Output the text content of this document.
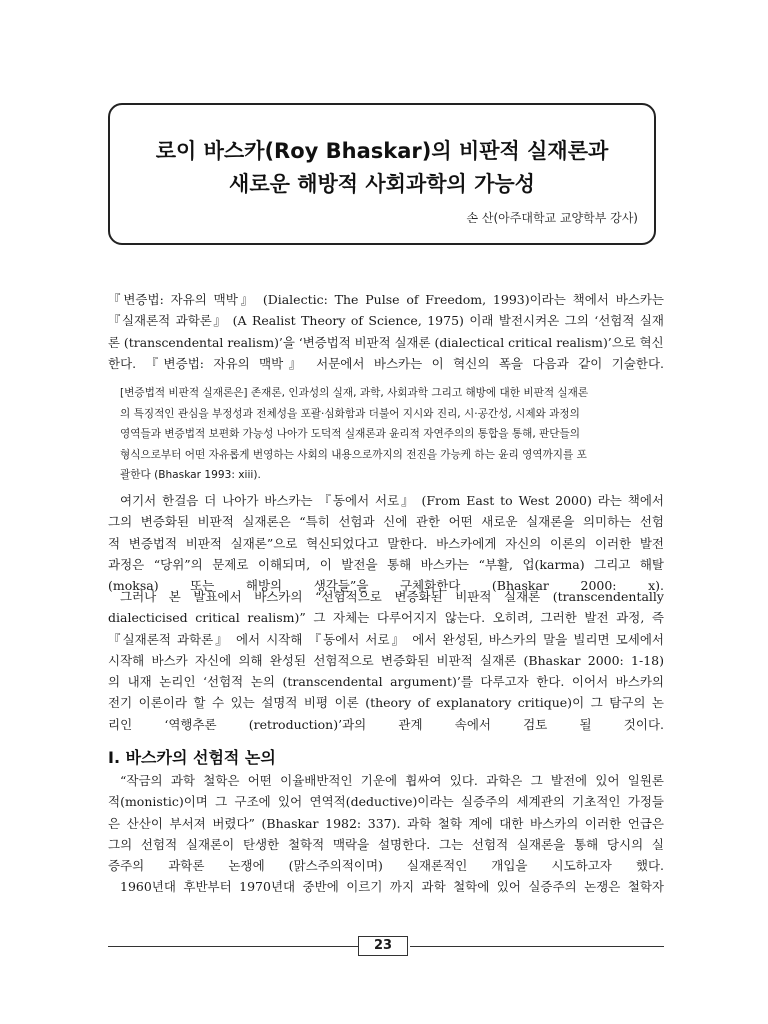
로이 바스카(Roy Bhaskar)의 비판적 실재론과
새로운 해방적 사회과학의 가능성
손 산(아주대학교 교양학부 강사)
『변증법: 자유의 맥박』 (Dialectic: The Pulse of Freedom, 1993)이라는 책에서 바스카는
『실재론적 과학론』 (A Realist Theory of Science, 1975) 이래 발전시켜온 그의 ‘선험적 실재
론 (transcendental realism)’을 ‘변증법적 비판적 실재론 (dialectical critical realism)’으로 혁신
한다. 『변증법: 자유의 맥박』 서문에서 바스카는 이 혁신의 폭을 다음과 같이 기술한다.
[변증법적 비판적 실재론은] 존재론, 인과성의 실재, 과학, 사회과학 그리고 해방에 대한 비판적 실재론
의 특징적인 관심을 부정성과 전체성을 포괄·심화함과 더불어 지시와 진리, 시·공간성, 시제와 과정의
영역들과 변증법적 보편화 가능성 나아가 도덕적 실재론과 윤리적 자연주의의 통합을 통해, 판단들의
형식으로부터 어떤 자유롭게 번영하는 사회의 내용으로까지의 전진을 가능케 하는 윤리 영역까지를 포
괄한다 (Bhaskar 1993: xiii).
여기서 한걸음 더 나아가 바스카는 『동에서 서로』 (From East to West 2000) 라는 책에서
그의 변증화된 비판적 실재론은 “특히 선험과 신에 관한 어떤 새로운 실재론을 의미하는 선험
적 변증법적 비판적 실재론”으로 혁신되었다고 말한다. 바스카에게 자신의 이론의 이러한 발전
과정은 “당위”의 문제로 이해되며, 이 발전을 통해 바스카는 “부활, 업(karma) 그리고 해탈
(moksa) 또는 해방의 생각들”을 구체화한다 (Bhaskar 2000: x).
그러나 본 발표에서 바스카의 “선험적으로 변증화된 비판적 실재론 (transcendentally
dialecticised critical realism)” 그 자체는 다루어지지 않는다. 오히려, 그러한 발전 과정, 즉
『실재론적 과학론』 에서 시작해 『동에서 서로』 에서 완성된, 바스카의 말을 빌리면 모세에서
시작해 바스카 자신에 의해 완성된 선험적으로 변증화된 비판적 실재론 (Bhaskar 2000: 1-18)
의 내재 논리인 ‘선험적 논의 (transcendental argument)’를 다루고자 한다. 이어서 바스카의
전기 이론이라 할 수 있는 설명적 비평 이론 (theory of explanatory critique)이 그 탐구의 논
리인 ‘역행추론 (retroduction)’과의 관계 속에서 검토 될 것이다.
Ⅰ. 바스카의 선험적 논의
“작금의 과학 철학은 어떤 이율배반적인 기운에 휩싸여 있다. 과학은 그 발전에 있어 일원론
적(monistic)이며 그 구조에 있어 연역적(deductive)이라는 실증주의 세계관의 기초적인 가정들
은 산산이 부서져 버렸다” (Bhaskar 1982: 337). 과학 철학 계에 대한 바스카의 이러한 언급은
그의 선험적 실재론이 탄생한 철학적 맥락을 설명한다. 그는 선험적 실재론을 통해 당시의 실
증주의 과학론 논쟁에 (맑스주의적이며) 실재론적인 개입을 시도하고자 했다.
1960년대 후반부터 1970년대 중반에 이르기 까지 과학 철학에 있어 실증주의 논쟁은 철학자
23
